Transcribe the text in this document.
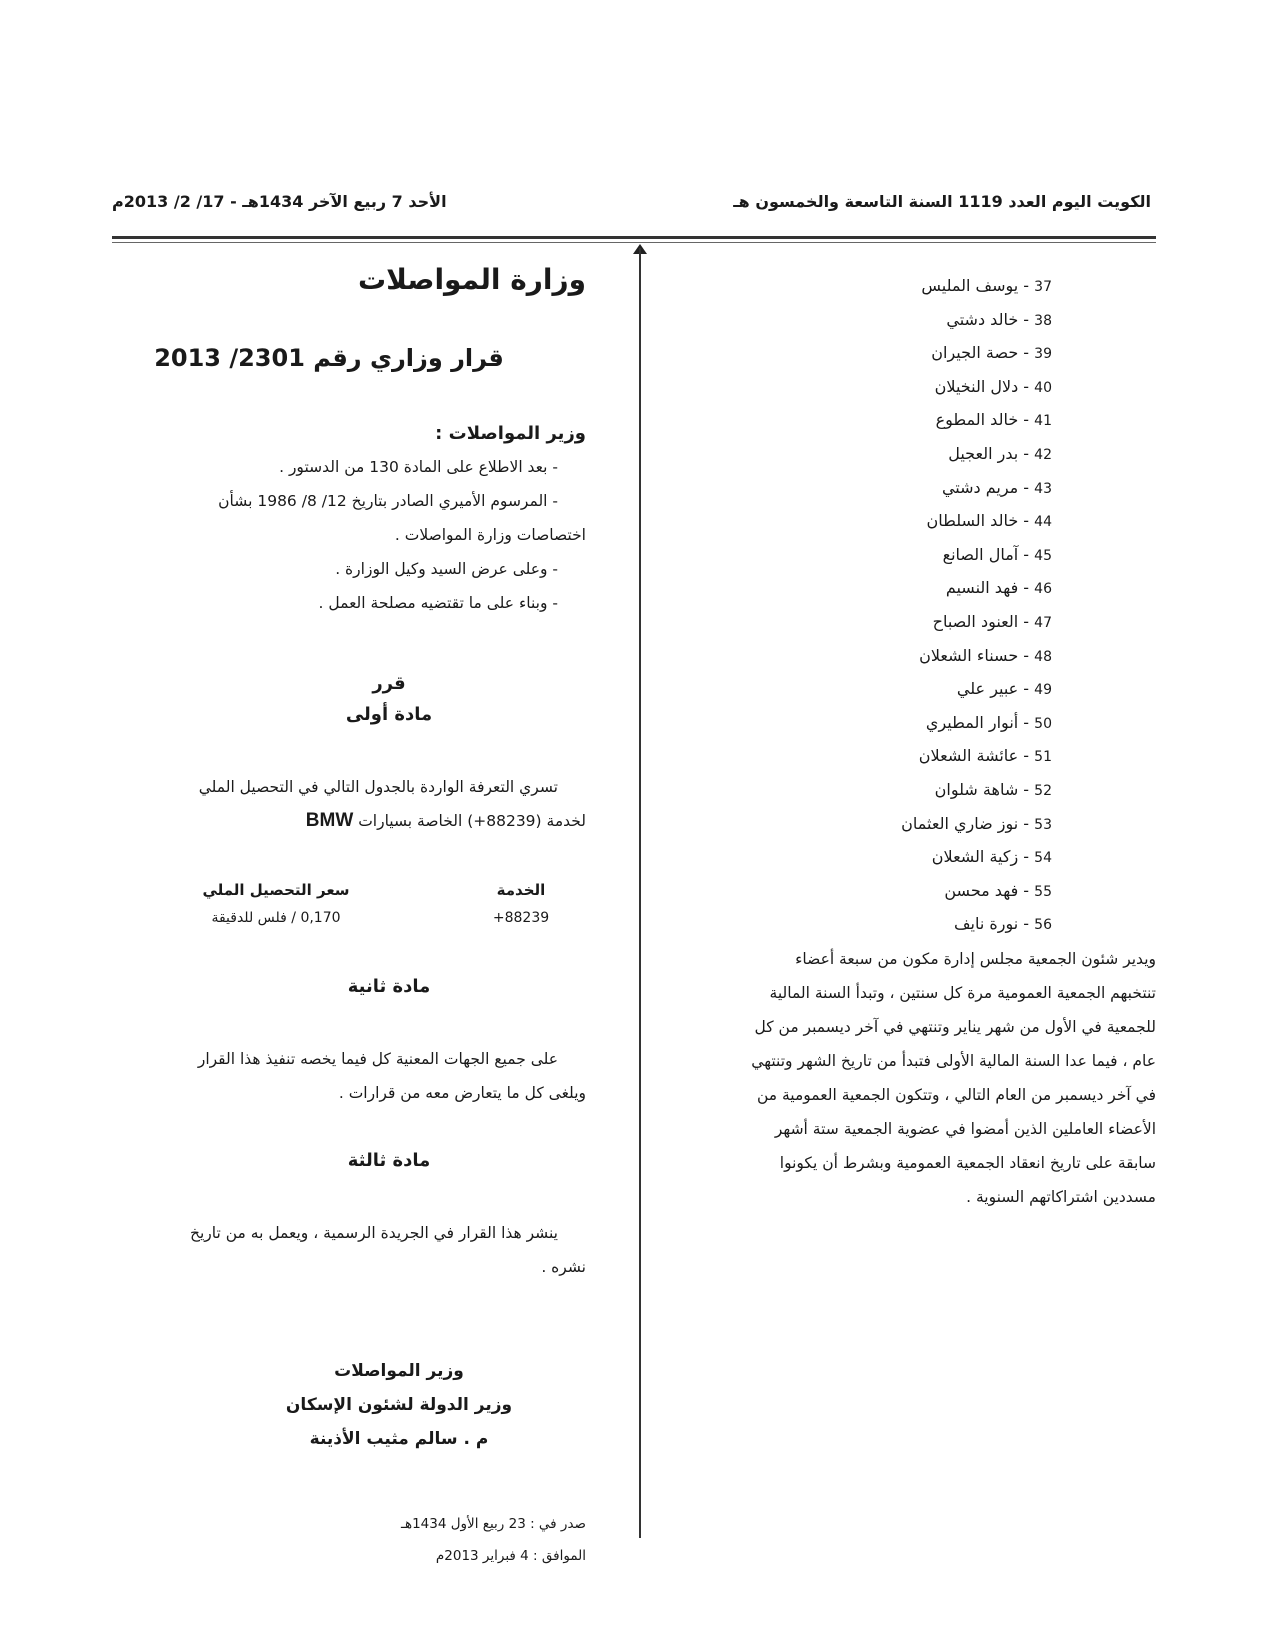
الكويت اليوم العدد 1119 السنة التاسعة والخمسون هـ
الأحد 7 ربيع الآخر 1434هـ - 17/ 2/ 2013م
وزارة المواصلات
قرار وزاري رقم 2301/ 2013

وزير المواصلات :

- بعد الاطلاع على المادة 130 من الدستور .

- المرسوم الأميري الصادر بتاريخ 12/ 8/ 1986 بشأن

اختصاصات وزارة المواصلات .

- وعلى عرض السيد وكيل الوزارة .

- وبناء على ما تقتضيه مصلحة العمل .

قرر

مادة أولى

تسري التعرفة الواردة بالجدول التالي في التحصيل الملي
لخدمة (88239+) الخاصة بسيارات BMW
الخدمة
سعر التحصيل الملي
88239+
0,170 / فلس للدقيقة

مادة ثانية

على جميع الجهات المعنية كل فيما يخصه تنفيذ هذا القرار
ويلغى كل ما يتعارض معه من قرارات .

مادة ثالثة

ينشر هذا القرار في الجريدة الرسمية ، ويعمل به من تاريخ
نشره .
وزير المواصلات
وزير الدولة لشئون الإسكان
م . سالم مثيب الأذينة
صدر في : 23 ربيع الأول 1434هـ
الموافق : 4 فبراير 2013م
37 - يوسف المليس
38 - خالد دشتي
39 - حصة الجيران
40 - دلال النخيلان
41 - خالد المطوع
42 - بدر العجيل
43 - مريم دشتي
44 - خالد السلطان
45 - آمال الصانع
46 - فهد النسيم
47 - العنود الصباح
48 - حسناء الشعلان
49 - عبير علي
50 - أنوار المطيري
51 - عائشة الشعلان
52 - شاهة شلوان
53 - نوز ضاري العثمان
54 - زكية الشعلان
55 - فهد محسن
56 - نورة نايف

ويدير شئون الجمعية مجلس إدارة مكون من سبعة أعضاء

تنتخبهم الجمعية العمومية مرة كل سنتين ، وتبدأ السنة المالية

للجمعية في الأول من شهر يناير وتنتهي في آخر ديسمبر من كل

عام ، فيما عدا السنة المالية الأولى فتبدأ من تاريخ الشهر وتنتهي

في آخر ديسمبر من العام التالي ، وتتكون الجمعية العمومية من

الأعضاء العاملين الذين أمضوا في عضوية الجمعية ستة أشهر

سابقة على تاريخ انعقاد الجمعية العمومية وبشرط أن يكونوا

مسددين اشتراكاتهم السنوية .
